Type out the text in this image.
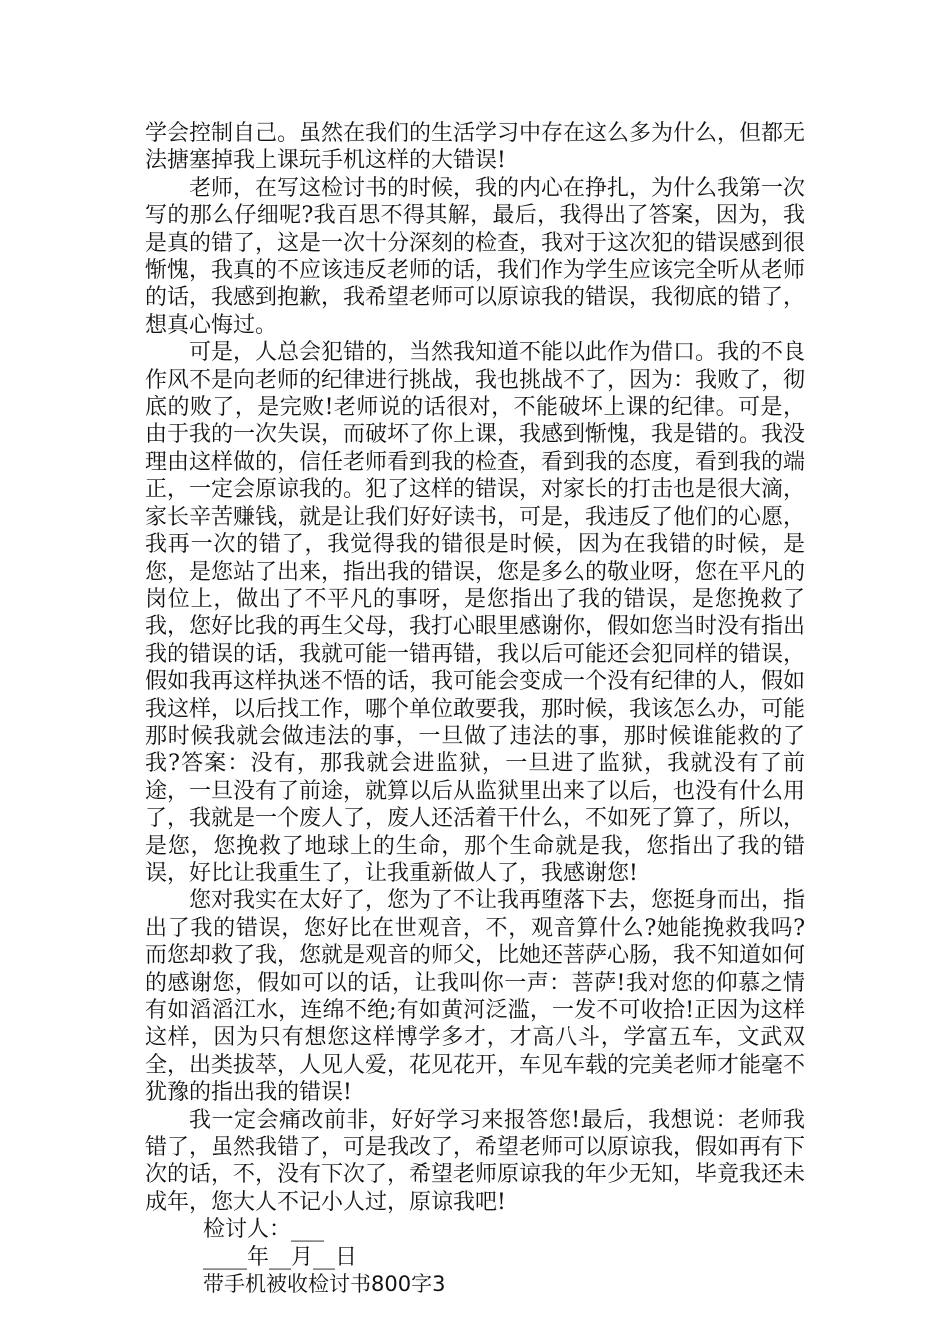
学会控制自己。虽然在我们的生活学习中存在这么多为什么，但都无法搪塞掉我上课玩手机这样的大错误!

老师，在写这检讨书的时候，我的内心在挣扎，为什么我第一次写的那么仔细呢?我百思不得其解，最后，我得出了答案，因为，我是真的错了，这是一次十分深刻的检查，我对于这次犯的错误感到很惭愧，我真的不应该违反老师的话，我们作为学生应该完全听从老师的话，我感到抱歉，我希望老师可以原谅我的错误，我彻底的错了，想真心悔过。

可是，人总会犯错的，当然我知道不能以此作为借口。我的不良作风不是向老师的纪律进行挑战，我也挑战不了，因为：我败了，彻底的败了，是完败!老师说的话很对，不能破坏上课的纪律。可是，由于我的一次失误，而破坏了你上课，我感到惭愧，我是错的。我没理由这样做的，信任老师看到我的检查，看到我的态度，看到我的端正，一定会原谅我的。犯了这样的错误，对家长的打击也是很大滴，家长辛苦赚钱，就是让我们好好读书，可是，我违反了他们的心愿，我再一次的错了，我觉得我的错很是时候，因为在我错的时候，是您，是您站了出来，指出我的错误，您是多么的敬业呀，您在平凡的岗位上，做出了不平凡的事呀，是您指出了我的错误，是您挽救了我，您好比我的再生父母，我打心眼里感谢你，假如您当时没有指出我的错误的话，我就可能一错再错，我以后可能还会犯同样的错误，假如我再这样执迷不悟的话，我可能会变成一个没有纪律的人，假如我这样，以后找工作，哪个单位敢要我，那时候，我该怎么办，可能那时候我就会做违法的事，一旦做了违法的事，那时候谁能救的了我?答案：没有，那我就会进监狱，一旦进了监狱，我就没有了前途，一旦没有了前途，就算以后从监狱里出来了以后，也没有什么用了，我就是一个废人了，废人还活着干什么，不如死了算了，所以，是您，您挽救了地球上的生命，那个生命就是我，您指出了我的错误，好比让我重生了，让我重新做人了，我感谢您!

您对我实在太好了，您为了不让我再堕落下去，您挺身而出，指出了我的错误，您好比在世观音，不，观音算什么?她能挽救我吗?而您却救了我，您就是观音的师父，比她还菩萨心肠，我不知道如何的感谢您，假如可以的话，让我叫你一声：菩萨!我对您的仰慕之情有如滔滔江水，连绵不绝;有如黄河泛滥，一发不可收拾!正因为这样这样，因为只有想您这样博学多才，才高八斗，学富五车，文武双全，出类拔萃，人见人爱，花见花开，车见车载的完美老师才能毫不犹豫的指出我的错误!

我一定会痛改前非，好好学习来报答您!最后，我想说：老师我错了，虽然我错了，可是我改了，希望老师可以原谅我，假如再有下次的话，不，没有下次了，希望老师原谅我的年少无知，毕竟我还未成年，您大人不记小人过，原谅我吧!

检讨人：___

____年__月__日

带手机被收检讨书800字3
